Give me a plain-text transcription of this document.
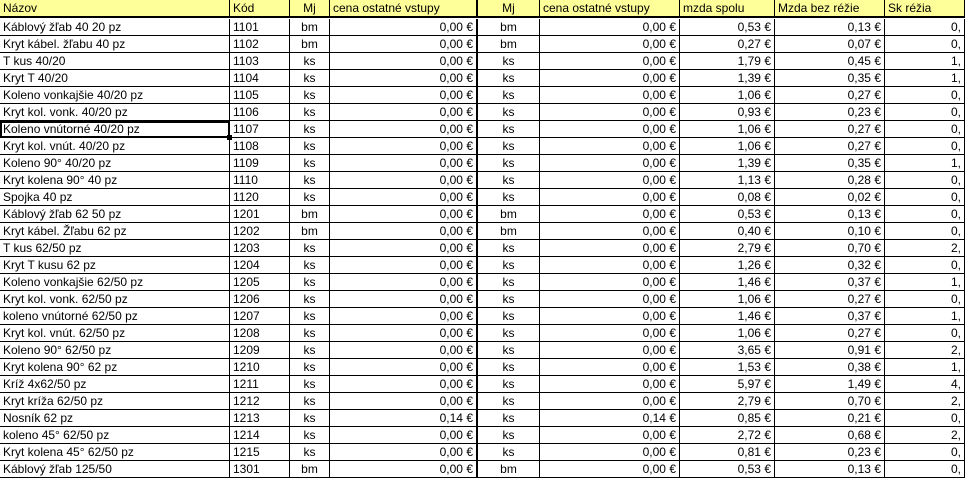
Názov	Kód	Mj	cena ostatné vstupy	Mj	cena ostatné vstupy	mzda spolu	Mzda bez réžie	Sk réžia
Káblový žľab 40 20 pz	1101	bm	0,00 €	bm	0,00 €	0,53 €	0,13 €	0,
Kryt kábel. žľabu 40 pz	1102	bm	0,00 €	bm	0,00 €	0,27 €	0,07 €	0,
T kus 40/20	1103	ks	0,00 €	ks	0,00 €	1,79 €	0,45 €	1,
Kryt T 40/20	1104	ks	0,00 €	ks	0,00 €	1,39 €	0,35 €	1,
Koleno vonkajšie 40/20 pz	1105	ks	0,00 €	ks	0,00 €	1,06 €	0,27 €	0,
Kryt kol. vonk. 40/20 pz	1106	ks	0,00 €	ks	0,00 €	0,93 €	0,23 €	0,
Koleno vnútorné 40/20 pz	1107	ks	0,00 €	ks	0,00 €	1,06 €	0,27 €	0,
Kryt kol. vnút. 40/20 pz	1108	ks	0,00 €	ks	0,00 €	1,06 €	0,27 €	0,
Koleno 90° 40/20 pz	1109	ks	0,00 €	ks	0,00 €	1,39 €	0,35 €	1,
Kryt kolena 90° 40 pz	1110	ks	0,00 €	ks	0,00 €	1,13 €	0,28 €	0,
Spojka 40 pz	1120	ks	0,00 €	ks	0,00 €	0,08 €	0,02 €	0,
Káblový žľab 62 50 pz	1201	bm	0,00 €	bm	0,00 €	0,53 €	0,13 €	0,
Kryt kábel. Žľabu 62 pz	1202	bm	0,00 €	bm	0,00 €	0,40 €	0,10 €	0,
T kus 62/50 pz	1203	ks	0,00 €	ks	0,00 €	2,79 €	0,70 €	2,
Kryt T kusu 62 pz	1204	ks	0,00 €	ks	0,00 €	1,26 €	0,32 €	0,
Koleno vonkajšie 62/50 pz	1205	ks	0,00 €	ks	0,00 €	1,46 €	0,37 €	1,
Kryt kol. vonk. 62/50 pz	1206	ks	0,00 €	ks	0,00 €	1,06 €	0,27 €	0,
koleno vnútorné 62/50 pz	1207	ks	0,00 €	ks	0,00 €	1,46 €	0,37 €	1,
Kryt kol. vnút. 62/50 pz	1208	ks	0,00 €	ks	0,00 €	1,06 €	0,27 €	0,
Koleno 90° 62/50 pz	1209	ks	0,00 €	ks	0,00 €	3,65 €	0,91 €	2,
Kryt kolena 90° 62 pz	1210	ks	0,00 €	ks	0,00 €	1,53 €	0,38 €	1,
Kríž 4x62/50 pz	1211	ks	0,00 €	ks	0,00 €	5,97 €	1,49 €	4,
Kryt kríža 62/50 pz	1212	ks	0,00 €	ks	0,00 €	2,79 €	0,70 €	2,
Nosník 62 pz	1213	ks	0,14 €	ks	0,14 €	0,85 €	0,21 €	0,
koleno 45° 62/50 pz	1214	ks	0,00 €	ks	0,00 €	2,72 €	0,68 €	2,
Kryt kolena 45° 62/50 pz	1215	ks	0,00 €	ks	0,00 €	0,81 €	0,23 €	0,
Káblový žľab 125/50	1301	bm	0,00 €	bm	0,00 €	0,53 €	0,13 €	0,
